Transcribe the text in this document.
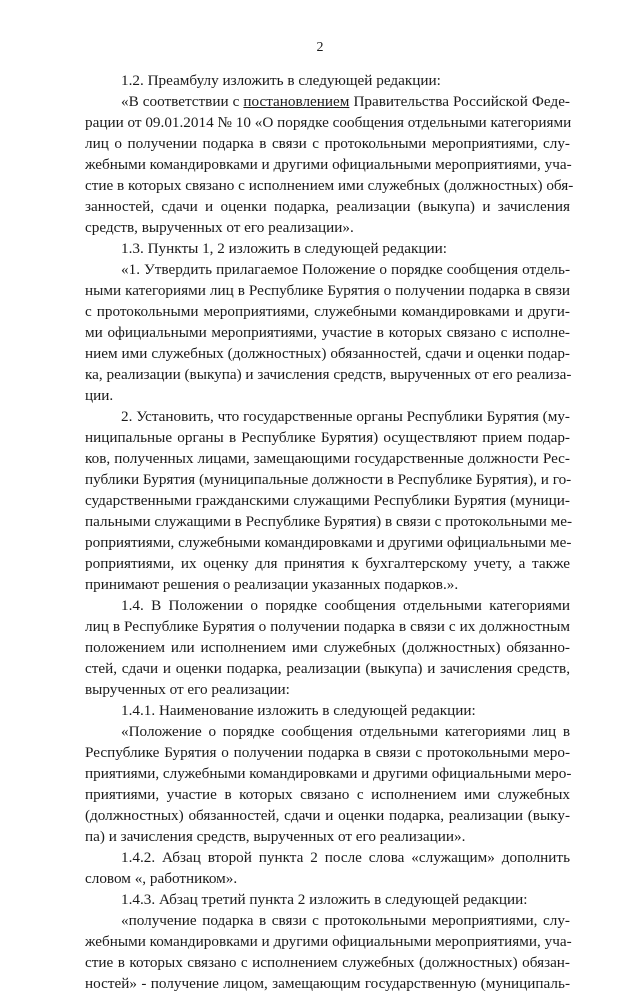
2
1.2. Преамбулу изложить в следующей редакции:
«В соответствии с постановлением Правительства Российской Феде-
рации от 09.01.2014 № 10 «О порядке сообщения отдельными категориями
лиц о получении подарка в связи с протокольными мероприятиями, слу-
жебными командировками и другими официальными мероприятиями, уча-
стие в которых связано с исполнением ими служебных (должностных) обя-
занностей, сдачи и оценки подарка, реализации (выкупа) и зачисления
средств, вырученных от его реализации».
1.3. Пункты 1, 2 изложить в следующей редакции:
«1. Утвердить прилагаемое Положение о порядке сообщения отдель-
ными категориями лиц в Республике Бурятия о получении подарка в связи
с протокольными мероприятиями, служебными командировками и други-
ми официальными мероприятиями, участие в которых связано с исполне-
нием ими служебных (должностных) обязанностей, сдачи и оценки подар-
ка, реализации (выкупа) и зачисления средств, вырученных от его реализа-
ции.
2. Установить, что государственные органы Республики Бурятия (му-
ниципальные органы в Республике Бурятия) осуществляют прием подар-
ков, полученных лицами, замещающими государственные должности Рес-
публики Бурятия (муниципальные должности в Республике Бурятия), и го-
сударственными гражданскими служащими Республики Бурятия (муници-
пальными служащими в Республике Бурятия) в связи с протокольными ме-
роприятиями, служебными командировками и другими официальными ме-
роприятиями, их оценку для принятия к бухгалтерскому учету, а также
принимают решения о реализации указанных подарков.».
1.4. В Положении о порядке сообщения отдельными категориями
лиц в Республике Бурятия о получении подарка в связи с их должностным
положением или исполнением ими служебных (должностных) обязанно-
стей, сдачи и оценки подарка, реализации (выкупа) и зачисления средств,
вырученных от его реализации:
1.4.1. Наименование изложить в следующей редакции:
«Положение о порядке сообщения отдельными категориями лиц в
Республике Бурятия о получении подарка в связи с протокольными меро-
приятиями, служебными командировками и другими официальными меро-
приятиями, участие в которых связано с исполнением ими служебных
(должностных) обязанностей, сдачи и оценки подарка, реализации (выку-
па) и зачисления средств, вырученных от его реализации».
1.4.2. Абзац второй пункта 2 после слова «служащим» дополнить
словом «, работником».
1.4.3. Абзац третий пункта 2 изложить в следующей редакции:
«получение подарка в связи с протокольными мероприятиями, слу-
жебными командировками и другими официальными мероприятиями, уча-
стие в которых связано с исполнением служебных (должностных) обязан-
ностей» - получение лицом, замещающим государственную (муниципаль-
